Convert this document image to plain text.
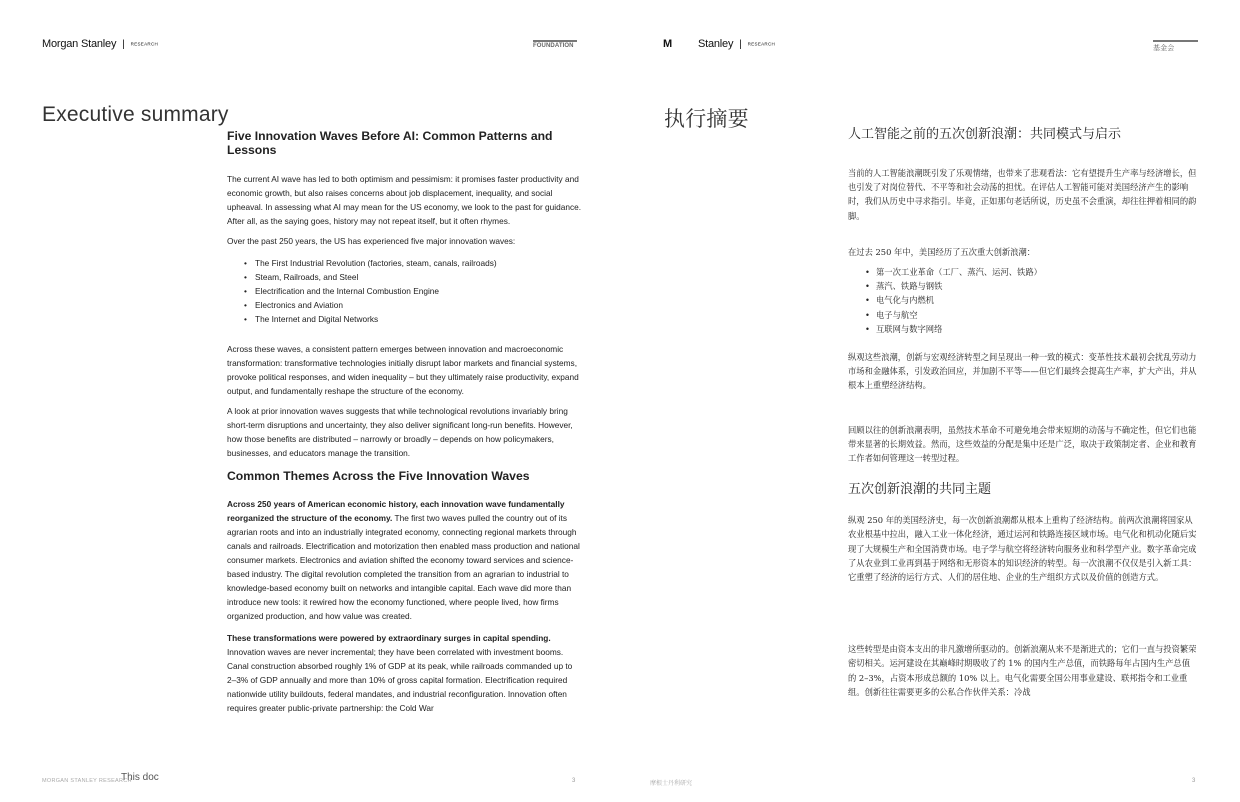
Morgan Stanley | RESEARCH	FOUNDATION
Executive summary
Five Innovation Waves Before AI: Common Patterns and Lessons

The current AI wave has led to both optimism and pessimism: it promises faster productivity and economic growth, but also raises concerns about job displacement, inequality, and social upheaval. In assessing what AI may mean for the US economy, we look to the past for guidance. After all, as the saying goes, history may not repeat itself, but it often rhymes.

Over the past 250 years, the US has experienced five major innovation waves:

• The First Industrial Revolution (factories, steam, canals, railroads)
• Steam, Railroads, and Steel
• Electrification and the Internal Combustion Engine
• Electronics and Aviation
• The Internet and Digital Networks

Across these waves, a consistent pattern emerges between innovation and macroeconomic transformation: transformative technologies initially disrupt labor markets and financial systems, provoke political responses, and widen inequality – but they ultimately raise productivity, expand output, and fundamentally reshape the structure of the economy.

A look at prior innovation waves suggests that while technological revolutions invariably bring short-term disruptions and uncertainty, they also deliver significant long-run benefits. However, how those benefits are distributed – narrowly or broadly – depends on how policymakers, businesses, and educators manage the transition.

Common Themes Across the Five Innovation Waves

Across 250 years of American economic history, each innovation wave fundamentally reorganized the structure of the economy. The first two waves pulled the country out of its agrarian roots and into an industrially integrated economy, connecting regional markets through canals and railroads. Electrification and motorization then enabled mass production and national consumer markets. Electronics and aviation shifted the economy toward services and science-based industry. The digital revolution completed the transition from an agrarian to industrial to knowledge-based economy built on networks and intangible capital. Each wave did more than introduce new tools: it rewired how the economy functioned, where people lived, how firms organized production, and how value was created.

These transformations were powered by extraordinary surges in capital spending. Innovation waves are never incremental; they have been correlated with investment booms. Canal construction absorbed roughly 1% of GDP at its peak, while railroads commanded up to 2–3% of GDP annually and more than 10% of gross capital formation. Electrification required nationwide utility buildouts, federal mandates, and industrial reconfiguration. Innovation often requires greater public-private partnership: the Cold War

MORGAN STANLEY RESEARCH
This doc	3
M Stanley | RESEARCH
基金会
执行摘要
人工智能之前的五次创新浪潮：共同模式与启示

当前的人工智能浪潮既引发了乐观情绪，也带来了悲观看法：它有望提升生产率与经济增长，但也引发了对岗位替代、不平等和社会动荡的担忧。在评估人工智能可能对美国经济产生的影响时，我们从历史中寻求指引。毕竟，正如那句老话所说，历史虽不会重演，却往往押着相同的韵脚。

在过去 250 年中，美国经历了五次重大创新浪潮：

• 第一次工业革命（工厂、蒸汽、运河、铁路）
• 蒸汽、铁路与钢铁
• 电气化与内燃机
• 电子与航空
• 互联网与数字网络

纵观这些浪潮，创新与宏观经济转型之间呈现出一种一致的模式：变革性技术最初会扰乱劳动力市场和金融体系，引发政治回应，并加剧不平等——但它们最终会提高生产率，扩大产出，并从根本上重塑经济结构。

回顾以往的创新浪潮表明，虽然技术革命不可避免地会带来短期的动荡与不确定性，但它们也能带来显著的长期效益。然而，这些效益的分配是集中还是广泛，取决于政策制定者、企业和教育工作者如何管理这一转型过程。

五次创新浪潮的共同主题

纵观 250 年的美国经济史，每一次创新浪潮都从根本上重构了经济结构。前两次浪潮将国家从农业根基中拉出，融入工业一体化经济，通过运河和铁路连接区域市场。电气化和机动化随后实现了大规模生产和全国消费市场。电子学与航空将经济转向服务业和科学型产业。数字革命完成了从农业到工业再到基于网络和无形资本的知识经济的转型。每一次浪潮不仅仅是引入新工具：它重塑了经济的运行方式、人们的居住地、企业的生产组织方式以及价值的创造方式。

这些转型是由资本支出的非凡激增所驱动的。创新浪潮从来不是渐进式的；它们一直与投资繁荣密切相关。运河建设在其巅峰时期吸收了约 1% 的国内生产总值，而铁路每年占国内生产总值的 2–3%，占资本形成总额的 10% 以上。电气化需要全国公用事业建设、联邦指令和工业重组。创新往往需要更多的公私合作伙伴关系：冷战

摩根士丹利研究	3
